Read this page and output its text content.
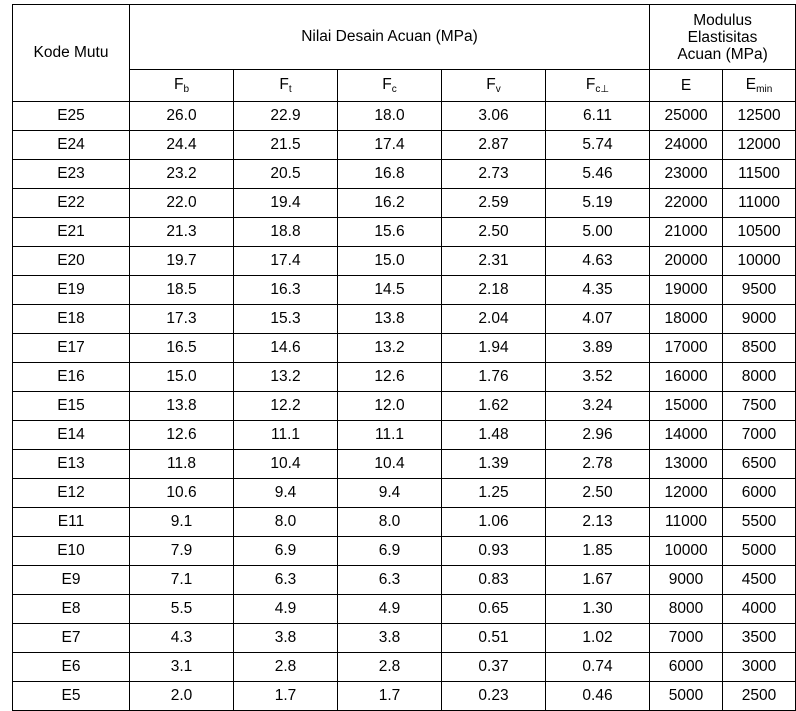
Kode Mutu	Nilai Desain Acuan (MPa)					Modulus
Elastisitas
Acuan (MPa)	

	$F_b$	$F_t$	$F_c$	$F_v$	$F_{c\perp}$	E	$E_{min}$
E25	26.0	22.9	18.0	3.06	6.11	25000	12500
E24	24.4	21.5	17.4	2.87	5.74	24000	12000
E23	23.2	20.5	16.8	2.73	5.46	23000	11500
E22	22.0	19.4	16.2	2.59	5.19	22000	11000
E21	21.3	18.8	15.6	2.50	5.00	21000	10500
E20	19.7	17.4	15.0	2.31	4.63	20000	10000
E19	18.5	16.3	14.5	2.18	4.35	19000	9500
E18	17.3	15.3	13.8	2.04	4.07	18000	9000
E17	16.5	14.6	13.2	1.94	3.89	17000	8500
E16	15.0	13.2	12.6	1.76	3.52	16000	8000
E15	13.8	12.2	12.0	1.62	3.24	15000	7500
E14	12.6	11.1	11.1	1.48	2.96	14000	7000
E13	11.8	10.4	10.4	1.39	2.78	13000	6500
E12	10.6	9.4	9.4	1.25	2.50	12000	6000
E11	9.1	8.0	8.0	1.06	2.13	11000	5500
E10	7.9	6.9	6.9	0.93	1.85	10000	5000
E9	7.1	6.3	6.3	0.83	1.67	9000	4500
E8	5.5	4.9	4.9	0.65	1.30	8000	4000
E7	4.3	3.8	3.8	0.51	1.02	7000	3500
E6	3.1	2.8	2.8	0.37	0.74	6000	3000
E5	2.0	1.7	1.7	0.23	0.46	5000	2500
